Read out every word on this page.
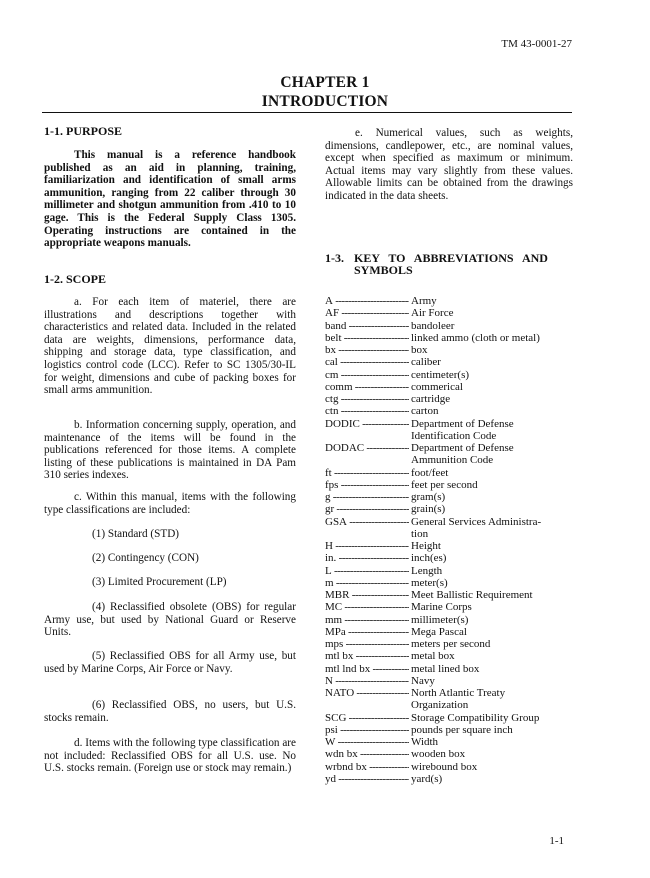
TM 43-0001-27
CHAPTER 1
INTRODUCTION
1-1. PURPOSE

This manual is a reference handbook published as an aid in planning, training, familiarization and identification of small arms ammunition, ranging from 22 caliber through 30 millimeter and shotgun ammunition from .410 to 10 gage. This is the Federal Supply Class 1305. Operating instructions are contained in the appropriate weapons manuals.

1-2. SCOPE

a. For each item of materiel, there are illustrations and descriptions together with characteristics and related data. Included in the related data are weights, dimensions, performance data, shipping and storage data, type classification, and logistics control code (LCC). Refer to SC 1305/30-IL for weight, dimensions and cube of packing boxes for small arms ammunition.

b. Information concerning supply, operation, and maintenance of the items will be found in the publications referenced for those items. A complete listing of these publications is maintained in DA Pam 310 series indexes.

c. Within this manual, items with the following type classifications are included:

(1) Standard (STD)
(2) Contingency (CON)
(3) Limited Procurement (LP)

(4) Reclassified obsolete (OBS) for regular Army use, but used by National Guard or Reserve Units.

(5) Reclassified OBS for all Army use, but used by Marine Corps, Air Force or Navy.

(6) Reclassified OBS, no users, but U.S. stocks remain.

d. Items with the following type classification are not included: Reclassified OBS for all U.S. use. No U.S. stocks remain. (Foreign use or stock may remain.)

e. Numerical values, such as weights, dimensions, candlepower, etc., are nominal values, except when specified as maximum or minimum. Actual items may vary slightly from these values. Allowable limits can be obtained from the drawings indicated in the data sheets.

1-3. KEY   TO   ABBREVIATIONS   AND
SYMBOLS
A -----	Army
AF -----	Air Force
band -----	bandoleer
belt -----	linked ammo (cloth or metal)
bx -----	box
cal -----	caliber
cm -----	centimeter(s)
comm -----	commerical
ctg -----	cartridge
ctn -----	carton
DODIC -----	Department of Defense
Identification Code
DODAC -----	Department of Defense
Ammunition Code
ft -----	foot/feet
fps -----	feet per second
g -----	gram(s)
gr -----	grain(s)
GSA -----	General Services Administra-
tion
H -----	Height
in. -----	inch(es)
L -----	Length
m -----	meter(s)
MBR -----	Meet Ballistic Requirement
MC -----	Marine Corps
mm -----	millimeter(s)
MPa -----	Mega Pascal
mps -----	meters per second
mtl bx -----	metal box
mtl lnd bx -----	metal lined box
N -----	Navy
NATO -----	North Atlantic Treaty
Organization
SCG -----	Storage Compatibility Group
psi -----	pounds per square inch
W -----	Width
wdn bx -----	wooden box
wrbnd bx -----	wirebound box
yd -----	yard(s)
1-1
